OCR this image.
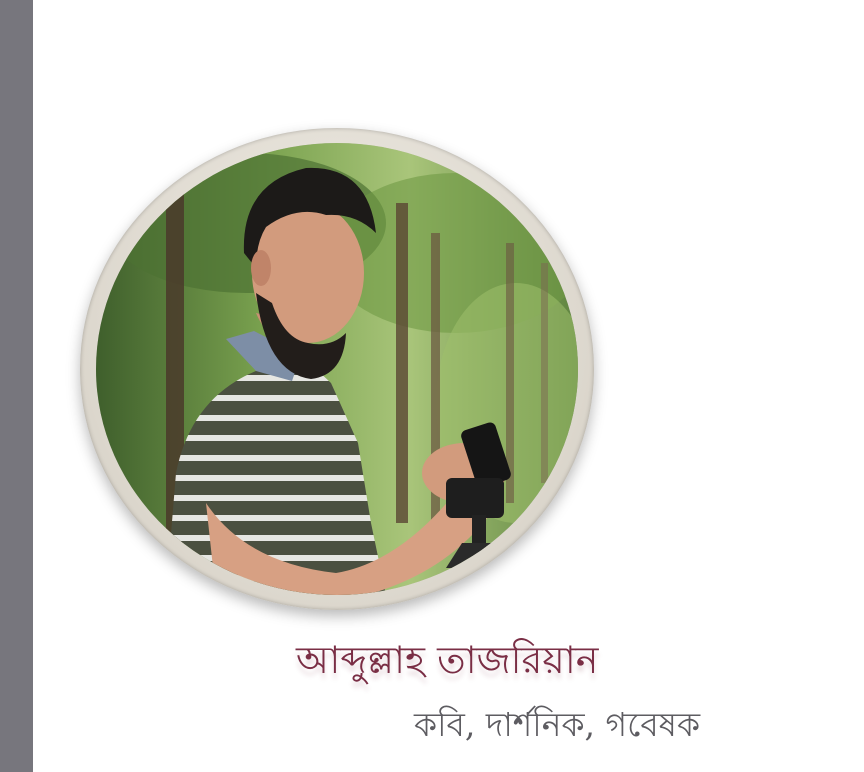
আব্দুল্লাহ তাজরিয়ান
কবি, দার্শনিক, গবেষক
